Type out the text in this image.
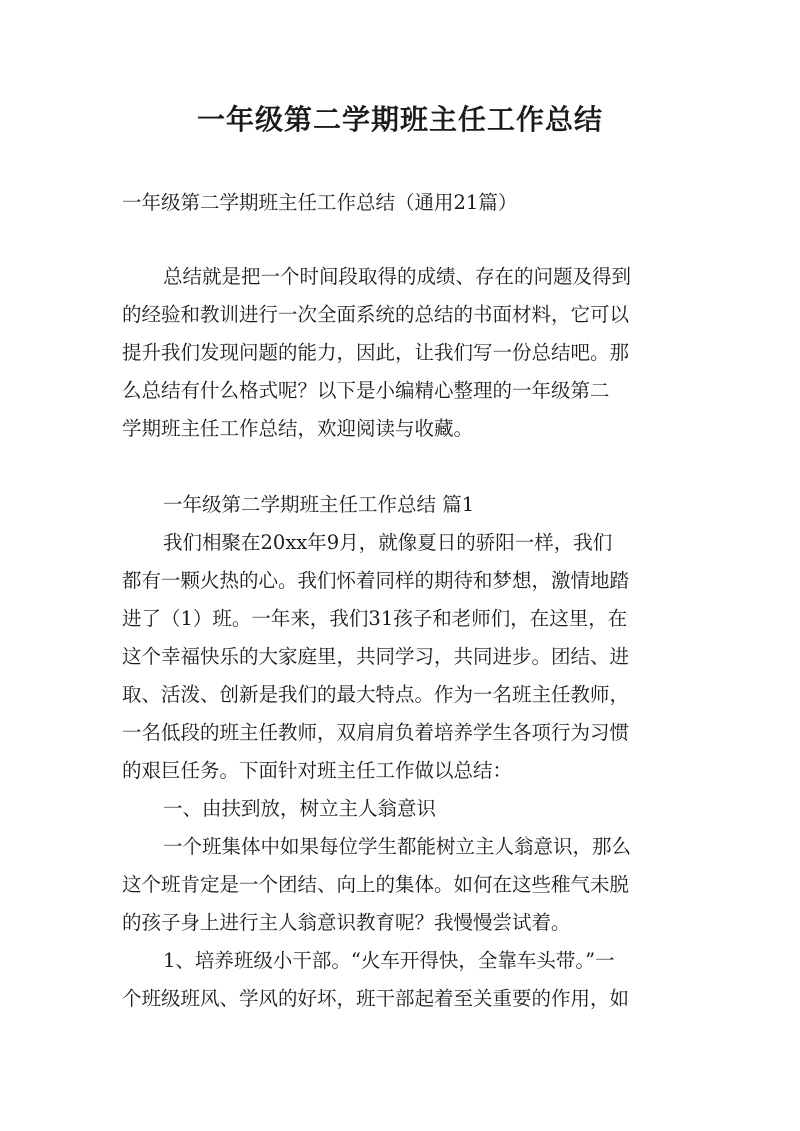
一年级第二学期班主任工作总结
一年级第二学期班主任工作总结（通用21篇）
总结就是把一个时间段取得的成绩、存在的问题及得到
的经验和教训进行一次全面系统的总结的书面材料，它可以
提升我们发现问题的能力，因此，让我们写一份总结吧。那
么总结有什么格式呢？以下是小编精心整理的一年级第二
学期班主任工作总结，欢迎阅读与收藏。
一年级第二学期班主任工作总结 篇1
我们相聚在20xx年9月，就像夏日的骄阳一样，我们
都有一颗火热的心。我们怀着同样的期待和梦想，激情地踏
进了（1）班。一年来，我们31孩子和老师们，在这里，在
这个幸福快乐的大家庭里，共同学习，共同进步。团结、进
取、活泼、创新是我们的最大特点。作为一名班主任教师，
一名低段的班主任教师，双肩肩负着培养学生各项行为习惯
的艰巨任务。下面针对班主任工作做以总结：
一、由扶到放，树立主人翁意识
一个班集体中如果每位学生都能树立主人翁意识，那么
这个班肯定是一个团结、向上的集体。如何在这些稚气未脱
的孩子身上进行主人翁意识教育呢？我慢慢尝试着。
1、培养班级小干部。“火车开得快，全靠车头带。”一
个班级班风、学风的好坏，班干部起着至关重要的作用，如
